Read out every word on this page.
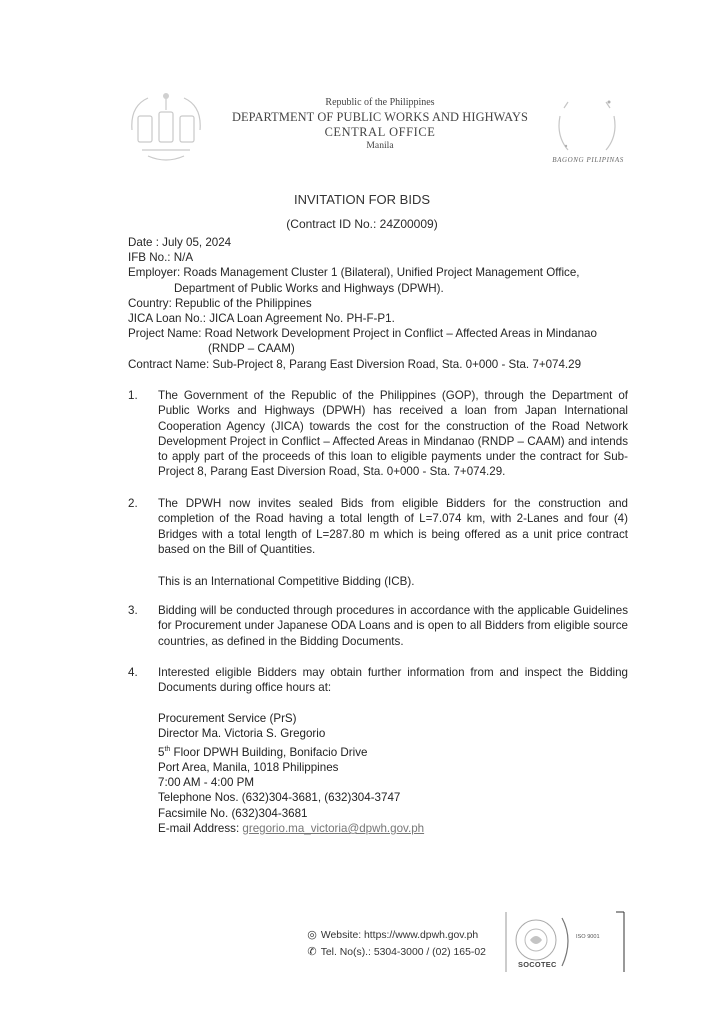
Republic of the Philippines
DEPARTMENT OF PUBLIC WORKS AND HIGHWAYS
CENTRAL OFFICE
Manila
BAGONG PILIPINAS
INVITATION FOR BIDS
(Contract ID No.: 24Z00009)
Date : July 05, 2024
IFB No.: N/A
Employer: Roads Management Cluster 1 (Bilateral), Unified Project Management Office,
Department of Public Works and Highways (DPWH).
Country: Republic of the Philippines
JICA Loan No.: JICA Loan Agreement No. PH-F-P1.
Project Name: Road Network Development Project in Conflict – Affected Areas in Mindanao
(RNDP – CAAM)
Contract Name: Sub-Project 8, Parang East Diversion Road, Sta. 0+000 - Sta. 7+074.29
1. The Government of the Republic of the Philippines (GOP), through the Department of Public Works and Highways (DPWH) has received a loan from Japan International Cooperation Agency (JICA) towards the cost for the construction of the Road Network Development Project in Conflict – Affected Areas in Mindanao (RNDP – CAAM) and intends to apply part of the proceeds of this loan to eligible payments under the contract for Sub-Project 8, Parang East Diversion Road, Sta. 0+000 - Sta. 7+074.29.
2. The DPWH now invites sealed Bids from eligible Bidders for the construction and completion of the Road having a total length of L=7.074 km, with 2-Lanes and four (4) Bridges with a total length of L=287.80 m which is being offered as a unit price contract based on the Bill of Quantities.
This is an International Competitive Bidding (ICB).
3. Bidding will be conducted through procedures in accordance with the applicable Guidelines for Procurement under Japanese ODA Loans and is open to all Bidders from eligible source countries, as defined in the Bidding Documents.
4. Interested eligible Bidders may obtain further information from and inspect the Bidding Documents during office hours at:
Procurement Service (PrS)
Director Ma. Victoria S. Gregorio
5th Floor DPWH Building, Bonifacio Drive
Port Area, Manila, 1018 Philippines
7:00 AM - 4:00 PM
Telephone Nos. (632)304-3681, (632)304-3747
Facsimile No. (632)304-3681
E-mail Address: gregorio.ma_victoria@dpwh.gov.ph
◎ Website: https://www.dpwh.gov.ph
✆ Tel. No(s).: 5304-3000 / (02) 165-02
SOCOTEC
ISO 9001
